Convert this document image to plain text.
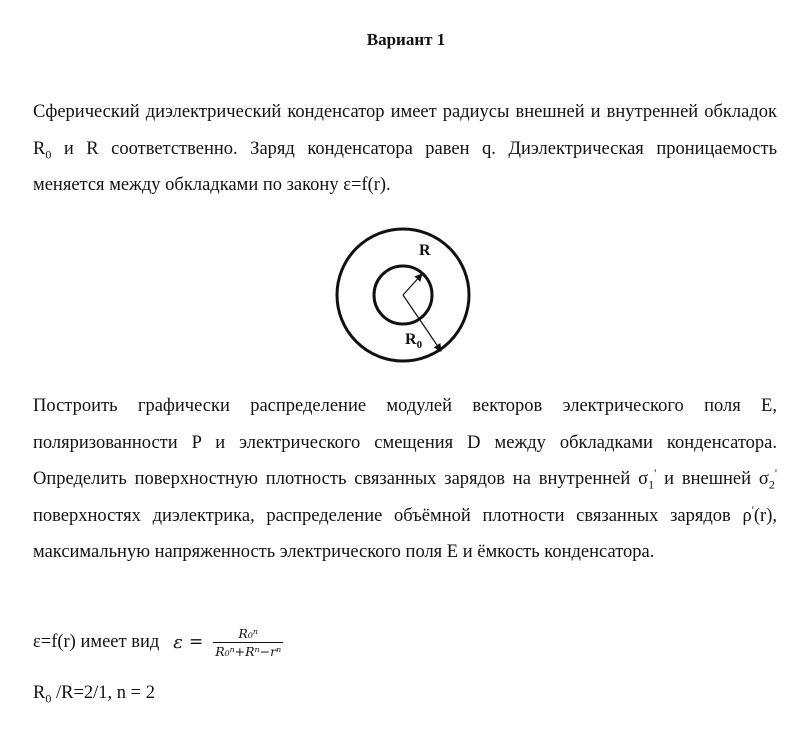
Вариант 1
Сферический диэлектрический конденсатор имеет радиусы внешней и внутренней обкладок $R_0$ и R соответственно. Заряд конденсатора равен q. Диэлектрическая проницаемость меняется между обкладками по закону ε=f(r).
R
$R_0$
Построить графически распределение модулей векторов электрического поля E, поляризованности P и электрического смещения D между обкладками конденсатора. Определить поверхностную плотность связанных зарядов на внутренней $\sigma_1'$ и внешней $\sigma_2'$ поверхностях диэлектрика, распределение объёмной плотности связанных зарядов ρ'(r), максимальную напряженность электрического поля E и ёмкость конденсатора.
ε=f(r) имеет вид $\varepsilon = \frac{\text{R₀ⁿ}}{\text{R₀ⁿ+Rⁿ−rⁿ}}$
$R_0$ /R=2/1, n = 2
